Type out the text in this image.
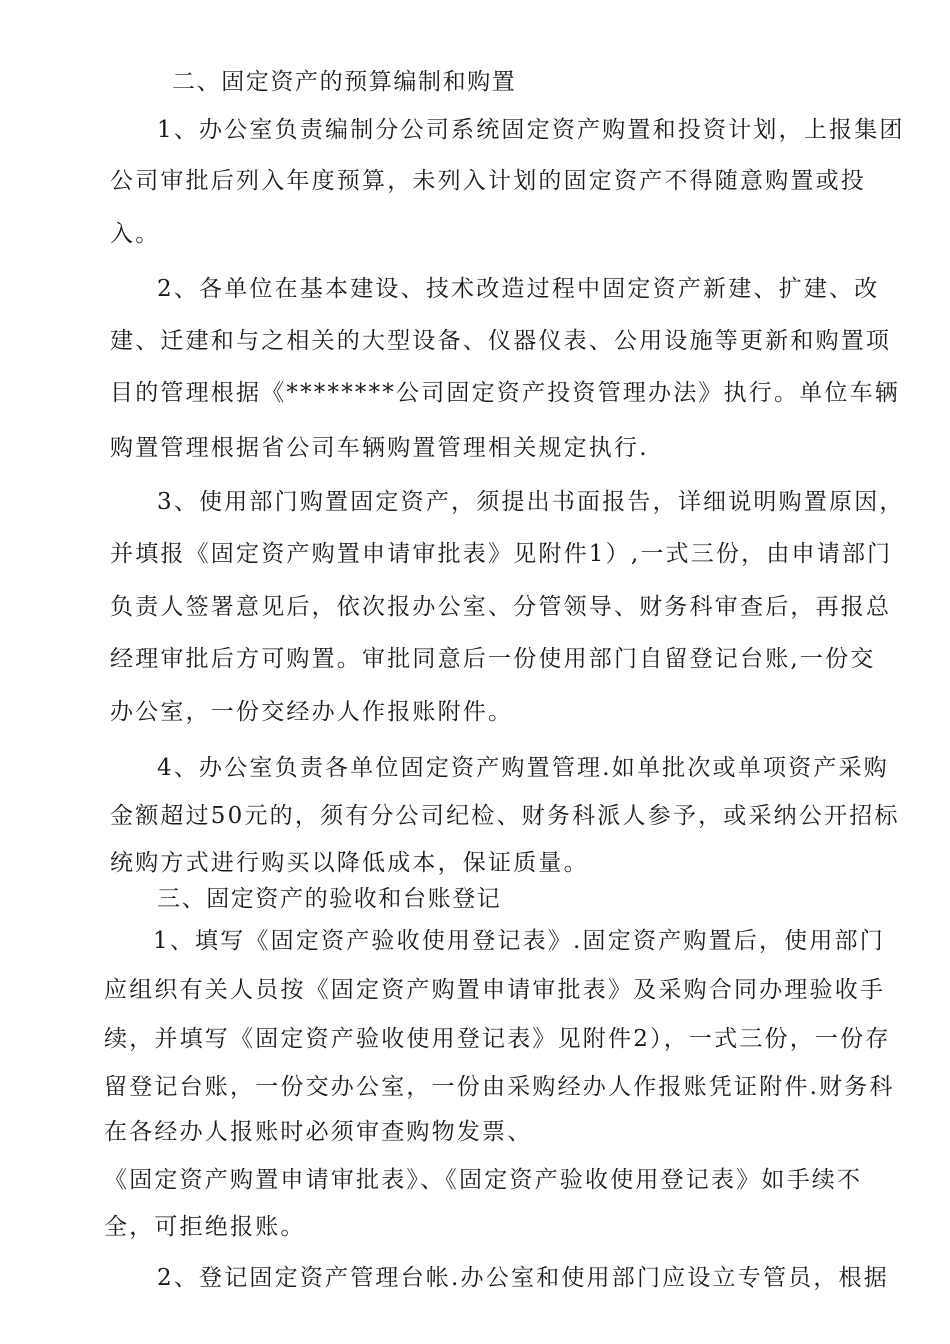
二、固定资产的预算编制和购置
1、办公室负责编制分公司系统固定资产购置和投资计划，上报集团
公司审批后列入年度预算，未列入计划的固定资产不得随意购置或投
入。
2、各单位在基本建设、技术改造过程中固定资产新建、扩建、改
建、迁建和与之相关的大型设备、仪器仪表、公用设施等更新和购置项
目的管理根据《********公司固定资产投资管理办法》执行。单位车辆
购置管理根据省公司车辆购置管理相关规定执行.
3、使用部门购置固定资产，须提出书面报告，详细说明购置原因，
并填报《固定资产购置申请审批表》见附件1）,一式三份，由申请部门
负责人签署意见后，依次报办公室、分管领导、财务科审查后，再报总
经理审批后方可购置。审批同意后一份使用部门自留登记台账,一份交
办公室，一份交经办人作报账附件。
4、办公室负责各单位固定资产购置管理.如单批次或单项资产采购
金额超过50元的，须有分公司纪检、财务科派人参予，或采纳公开招标
统购方式进行购买以降低成本，保证质量。
三、固定资产的验收和台账登记
1、填写《固定资产验收使用登记表》.固定资产购置后，使用部门
应组织有关人员按《固定资产购置申请审批表》及采购合同办理验收手
续，并填写《固定资产验收使用登记表》见附件2），一式三份，一份存
留登记台账，一份交办公室，一份由采购经办人作报账凭证附件.财务科
在各经办人报账时必须审查购物发票、
《固定资产购置申请审批表》、《固定资产验收使用登记表》如手续不
全，可拒绝报账。
2、登记固定资产管理台帐.办公室和使用部门应设立专管员，根据
